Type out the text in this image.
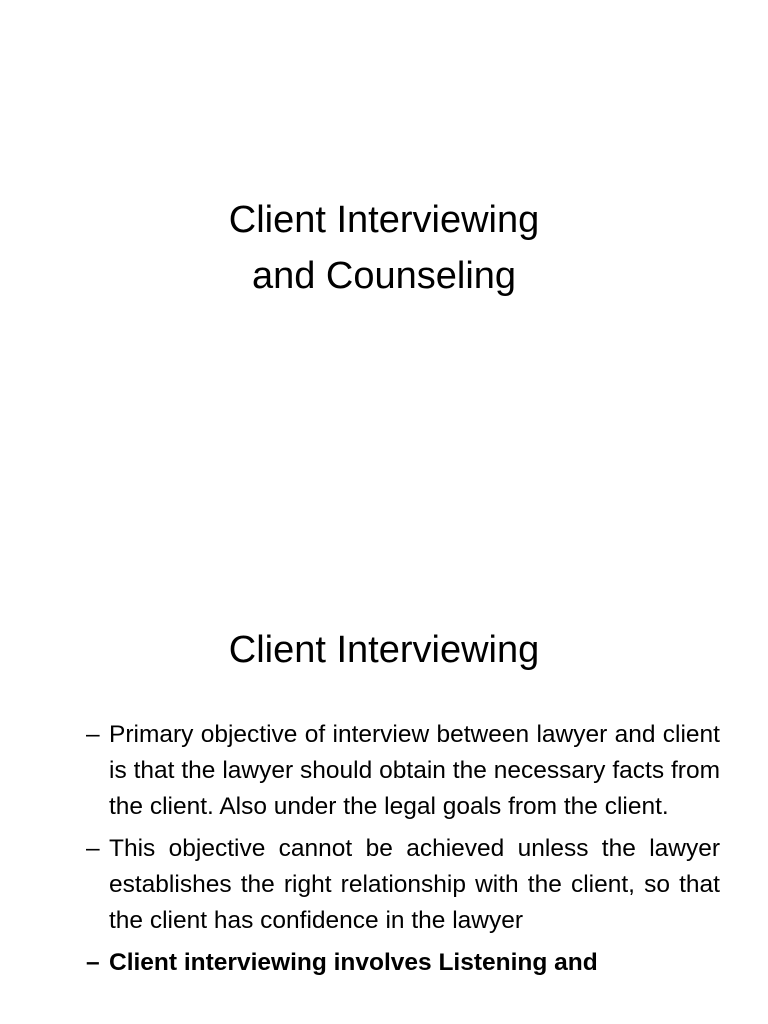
Client Interviewing
and Counseling
Client Interviewing
– Primary objective of interview between lawyer and client is that the lawyer should obtain the necessary facts from the client. Also under the legal goals from the client.
– This objective cannot be achieved unless the lawyer establishes the right relationship with the client, so that the client has confidence in the lawyer
– Client interviewing involves Listening and
